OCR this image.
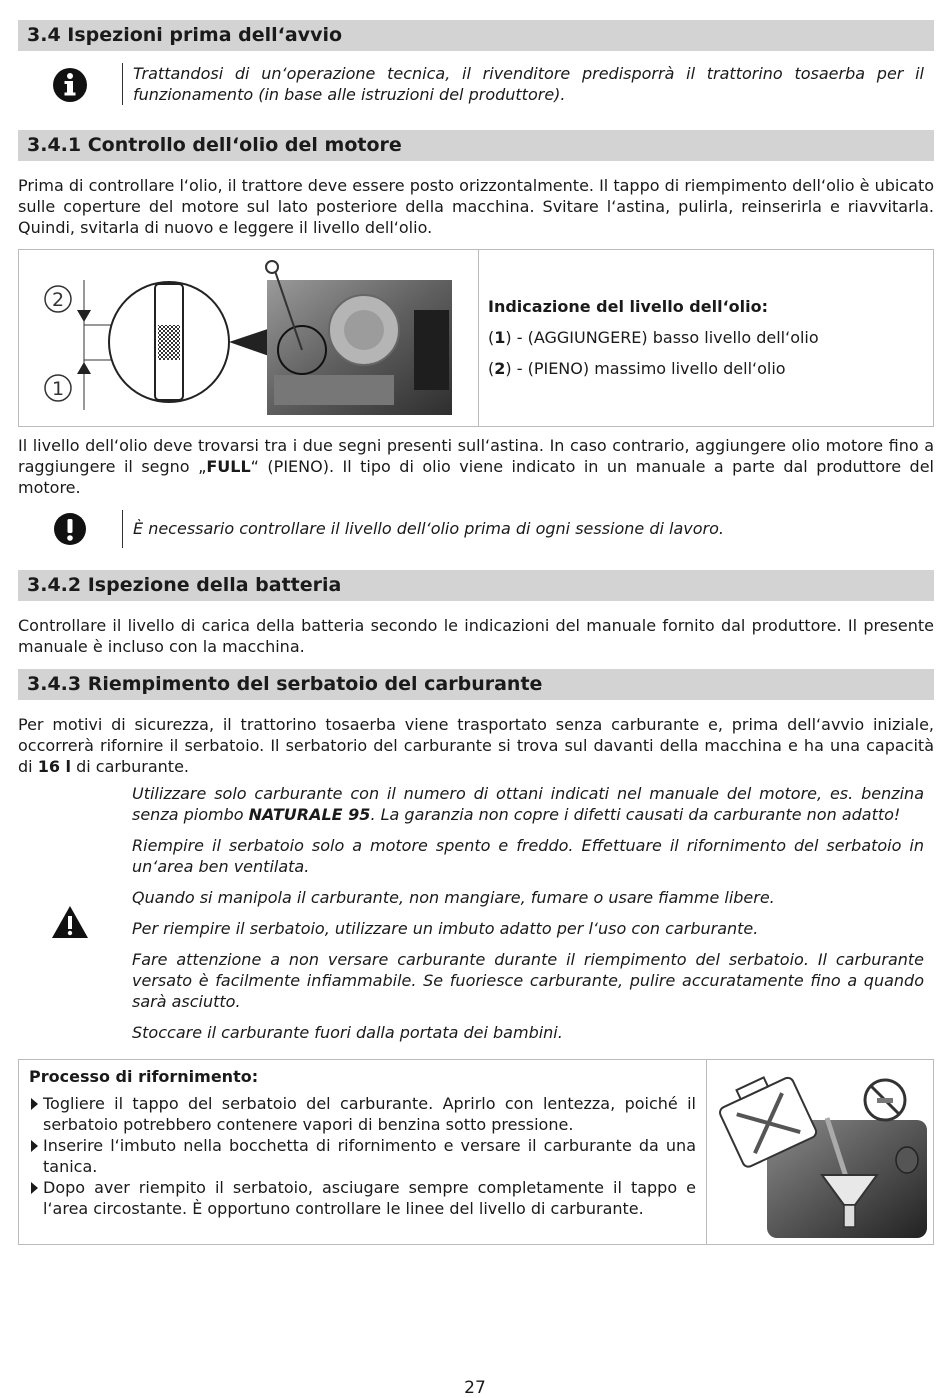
3.4 Ispezioni prima dell‘avvio
Trattandosi di un‘operazione tecnica, il rivenditore predisporrà il trattorino tosaerba per il funzionamento (in base alle istruzioni del produttore).
3.4.1 Controllo dell‘olio del motore

Prima di controllare l‘olio, il trattore deve essere posto orizzontalmente. Il tappo di riempimento dell‘olio è ubicato sulle coperture del motore sul lato posteriore della macchina. Svitare l‘astina, pulirla, reinserirla e riavvitarla. Quindi, svitarla di nuovo e leggere il livello dell‘olio.

2
1
Indicazione del livello dell‘olio:
(1) - (AGGIUNGERE) basso livello dell‘olio
(2) - (PIENO) massimo livello dell‘olio

Il livello dell‘olio deve trovarsi tra i due segni presenti sull‘astina. In caso contrario, aggiungere olio motore fino a raggiungere il segno „FULL“ (PIENO). Il tipo di olio viene indicato in un manuale a parte dal produttore del motore.

È necessario controllare il livello dell‘olio prima di ogni sessione di lavoro.
3.4.2 Ispezione della batteria

Controllare il livello di carica della batteria secondo le indicazioni del manuale fornito dal produttore. Il presente manuale è incluso con la macchina.

3.4.3 Riempimento del serbatoio del carburante

Per motivi di sicurezza, il trattorino tosaerba viene trasportato senza carburante e, prima dell‘avvio iniziale, occorrerà rifornire il serbatoio. Il serbatorio del carburante si trova sul davanti della macchina e ha una capacità di 16 l di carburante.

Utilizzare solo carburante con il numero di ottani indicati nel manuale del motore, es. benzina senza piombo NATURALE 95. La garanzia non copre i difetti causati da carburante non adatto!

Riempire il serbatoio solo a motore spento e freddo. Effettuare il rifornimento del serbatoio in un‘area ben ventilata.

Quando si manipola il carburante, non mangiare, fumare o usare fiamme libere.

Per riempire il serbatoio, utilizzare un imbuto adatto per l‘uso con carburante.

Fare attenzione a non versare carburante durante il riempimento del serbatoio. Il carburante versato è facilmente infiammabile. Se fuoriesce carburante, pulire accuratamente fino a quando sarà asciutto.

Stoccare il carburante fuori dalla portata dei bambini.

Processo di rifornimento:
Togliere il tappo del serbatoio del carburante. Aprirlo con lentezza, poiché il serbatoio potrebbero contenere vapori di benzina sotto pressione.
Inserire l‘imbuto nella bocchetta di rifornimento e versare il carburante da una tanica.
Dopo aver riempito il serbatoio, asciugare sempre completamente il tappo e l‘area circostante. È opportuno controllare le linee del livello di carburante.
27
